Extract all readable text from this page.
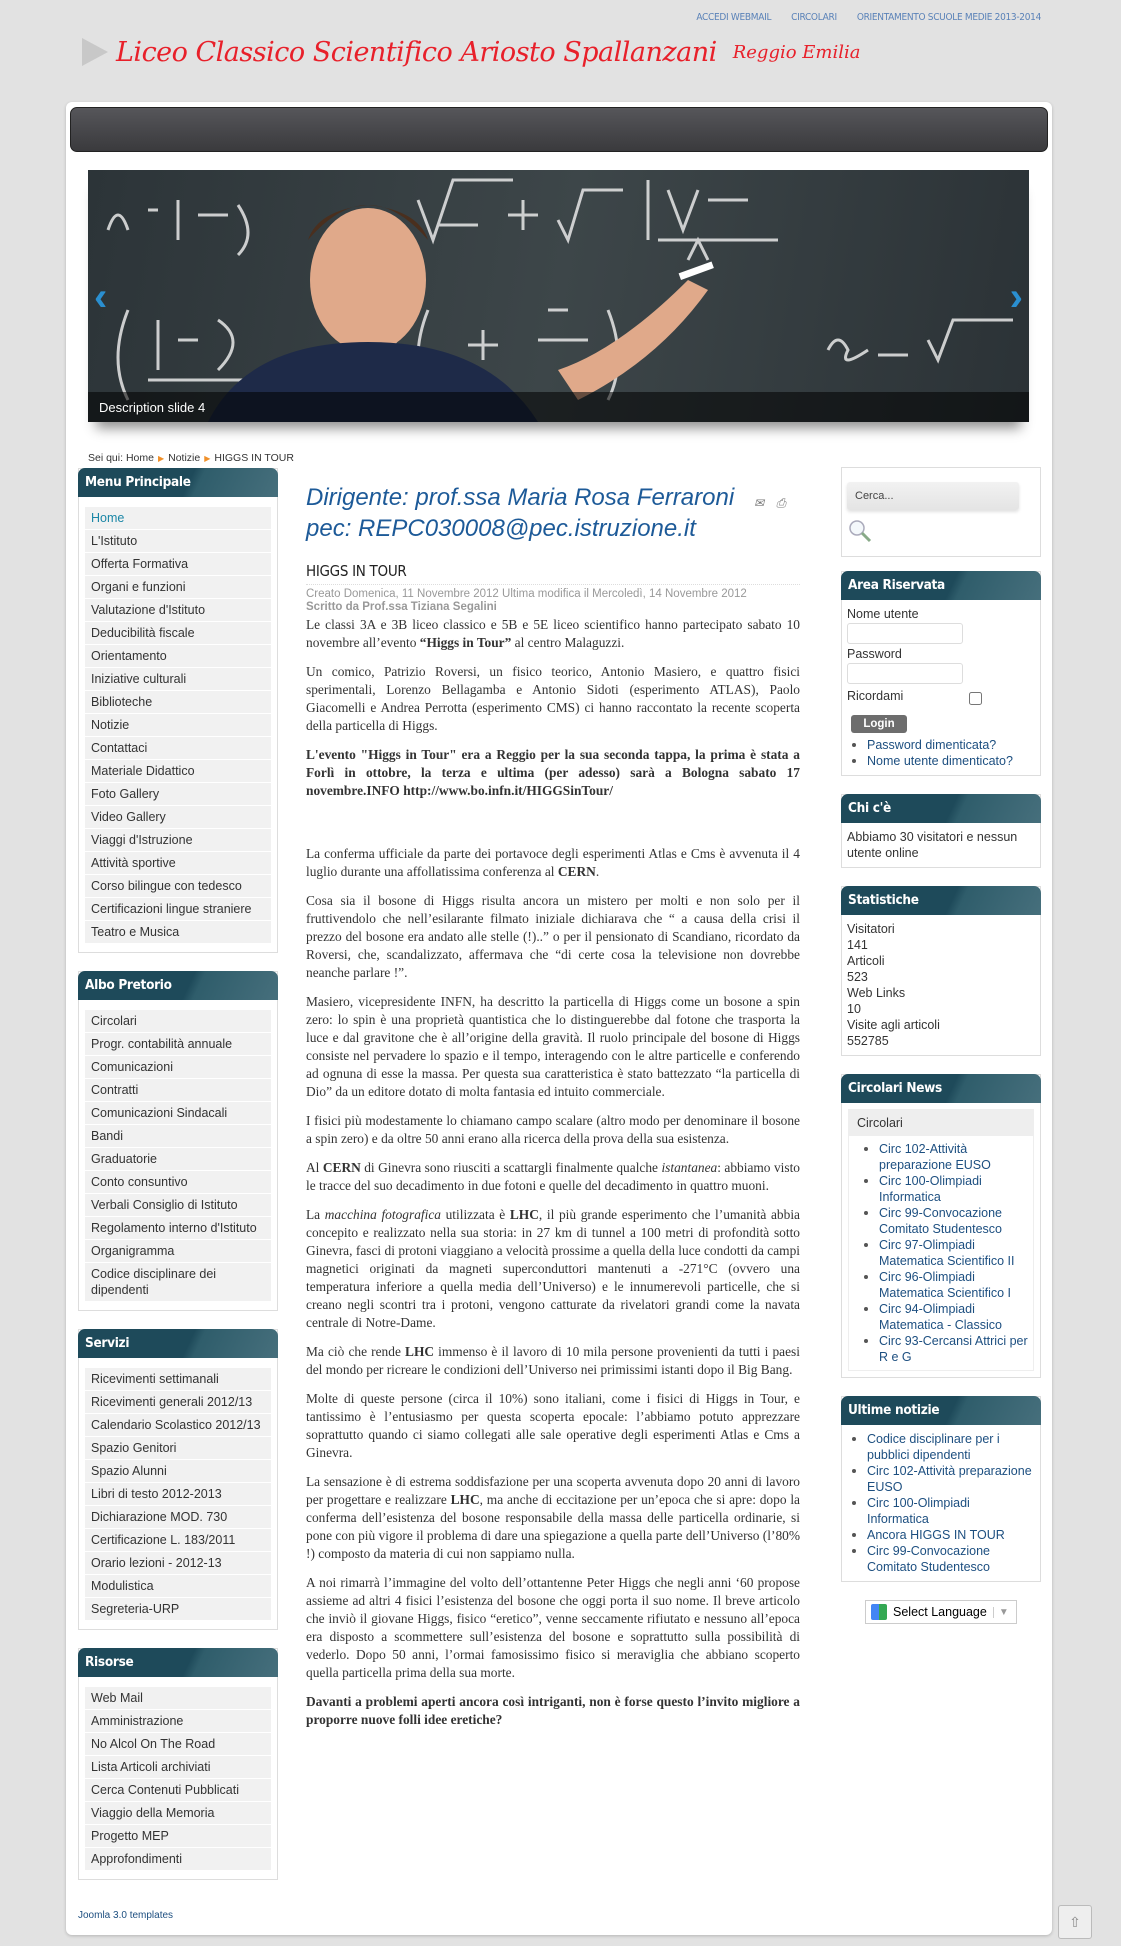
ACCEDI WEBMAIL CIRCOLARI ORIENTAMENTO SCUOLE MEDIE 2013-2014
Liceo Classico Scientifico Ariosto Spallanzani Reggio Emilia
‹	›
Description slide 4
Sei qui: Home ▶ Notizie ▶ HIGGS IN TOUR
Menu Principale
Home
L'Istituto
Offerta Formativa
Organi e funzioni
Valutazione d'Istituto
Deducibilità fiscale
Orientamento
Iniziative culturali
Biblioteche
Notizie
Contattaci
Materiale Didattico
Foto Gallery
Video Gallery
Viaggi d'Istruzione
Attività sportive
Corso bilingue con tedesco
Certificazioni lingue straniere
Teatro e Musica
Albo Pretorio
Circolari
Progr. contabilità annuale
Comunicazioni
Contratti
Comunicazioni Sindacali
Bandi
Graduatorie
Conto consuntivo
Verbali Consiglio di Istituto
Regolamento interno d'Istituto
Organigramma
Codice disciplinare dei dipendenti
Servizi
Ricevimenti settimanali
Ricevimenti generali 2012/13
Calendario Scolastico 2012/13
Spazio Genitori
Spazio Alunni
Libri di testo 2012-2013
Dichiarazione MOD. 730
Certificazione L. 183/2011
Orario lezioni - 2012-13
Modulistica
Segreteria-URP
Risorse
Web Mail
Amministrazione
No Alcol On The Road
Lista Articoli archiviati
Cerca Contenuti Pubblicati
Viaggio della Memoria
Progetto MEP
Approfondimenti
Dirigente: prof.ssa Maria Rosa Ferraroni
pec: REPC030008@pec.istruzione.it
✉ ⎙
HIGGS IN TOUR
Creato Domenica, 11 Novembre 2012 Ultima modifica il Mercoledì, 14 Novembre 2012
Scritto da Prof.ssa Tiziana Segalini

Le classi 3A e 3B liceo classico e 5B e 5E liceo scientifico hanno partecipato sabato 10 novembre all’evento “Higgs in Tour” al centro Malaguzzi.

Un comico, Patrizio Roversi, un fisico teorico, Antonio Masiero, e quattro fisici sperimentali, Lorenzo Bellagamba e Antonio Sidoti (esperimento ATLAS), Paolo Giacomelli e Andrea Perrotta (esperimento CMS) ci hanno raccontato la recente scoperta della particella di Higgs.

L'evento "Higgs in Tour" era a Reggio per la sua seconda tappa, la prima è stata a Forlì in ottobre, la terza e ultima (per adesso) sarà a Bologna sabato 17 novembre.INFO http://www.bo.infn.it/HIGGSinTour/

La conferma ufficiale da parte dei portavoce degli esperimenti Atlas e Cms è avvenuta il 4 luglio durante una affollatissima conferenza al CERN.

Cosa sia il bosone di Higgs risulta ancora un mistero per molti e non solo per il fruttivendolo che nell’esilarante filmato iniziale dichiarava che “ a causa della crisi il prezzo del bosone era andato alle stelle (!)..” o per il pensionato di Scandiano, ricordato da Roversi, che, scandalizzato, affermava che “di certe cosa la televisione non dovrebbe neanche parlare !”.

Masiero, vicepresidente INFN, ha descritto la particella di Higgs come un bosone a spin zero: lo spin è una proprietà quantistica che lo distinguerebbe dal fotone che trasporta la luce e dal gravitone che è all’origine della gravità. Il ruolo principale del bosone di Higgs consiste nel pervadere lo spazio e il tempo, interagendo con le altre particelle e conferendo ad ognuna di esse la massa. Per questa sua caratteristica è stato battezzato “la particella di Dio” da un editore dotato di molta fantasia ed intuito commerciale.

I fisici più modestamente lo chiamano campo scalare (altro modo per denominare il bosone a spin zero) e da oltre 50 anni erano alla ricerca della prova della sua esistenza.

Al CERN di Ginevra sono riusciti a scattargli finalmente qualche istantanea: abbiamo visto le tracce del suo decadimento in due fotoni e quelle del decadimento in quattro muoni.

La macchina fotografica utilizzata è LHC, il più grande esperimento che l’umanità abbia concepito e realizzato nella sua storia: in 27 km di tunnel a 100 metri di profondità sotto Ginevra, fasci di protoni viaggiano a velocità prossime a quella della luce condotti da campi magnetici originati da magneti superconduttori mantenuti a -271°C (ovvero una temperatura inferiore a quella media dell’Universo) e le innumerevoli particelle, che si creano negli scontri tra i protoni, vengono catturate da rivelatori grandi come la navata centrale di Notre-Dame.

Ma ciò che rende LHC immenso è il lavoro di 10 mila persone provenienti da tutti i paesi del mondo per ricreare le condizioni dell’Universo nei primissimi istanti dopo il Big Bang.

Molte di queste persone (circa il 10%) sono italiani, come i fisici di Higgs in Tour, e tantissimo è l’entusiasmo per questa scoperta epocale: l’abbiamo potuto apprezzare soprattutto quando ci siamo collegati alle sale operative degli esperimenti Atlas e Cms a Ginevra.

La sensazione è di estrema soddisfazione per una scoperta avvenuta dopo 20 anni di lavoro per progettare e realizzare LHC, ma anche di eccitazione per un’epoca che si apre: dopo la conferma dell’esistenza del bosone responsabile della massa delle particella ordinarie, si pone con più vigore il problema di dare una spiegazione a quella parte dell’Universo (l’80% !) composto da materia di cui non sappiamo nulla.

A noi rimarrà l’immagine del volto dell’ottantenne Peter Higgs che negli anni ‘60 propose assieme ad altri 4 fisici l’esistenza del bosone che oggi porta il suo nome. Il breve articolo che inviò il giovane Higgs, fisico “eretico”, venne seccamente rifiutato e nessuno all’epoca era disposto a scommettere sull’esistenza del bosone e soprattutto sulla possibilità di vederlo. Dopo 50 anni, l’ormai famosissimo fisico si meraviglia che abbiano scoperto quella particella prima della sua morte.

Davanti a problemi aperti ancora così intriganti, non è forse questo l’invito migliore a proporre nuove folli idee eretiche?

Cerca...
Area Riservata
Nome utente
Password
Ricordami
Login
Password dimenticata?
Nome utente dimenticato?
Chi c'è
Abbiamo 30 visitatori e nessun utente online
Statistiche
Visitatori
141
Articoli
523
Web Links
10
Visite agli articoli
552785
Circolari News
Circolari
Circ 102-Attività preparazione EUSO
Circ 100-Olimpiadi Informatica
Circ 99-Convocazione Comitato Studentesco
Circ 97-Olimpiadi Matematica Scientifico II
Circ 96-Olimpiadi Matematica Scientifico I
Circ 94-Olimpiadi Matematica - Classico
Circ 93-Cercansi Attrici per R e G
Ultime notizie
Codice disciplinare per i pubblici dipendenti
Circ 102-Attività preparazione EUSO
Circ 100-Olimpiadi Informatica
Ancora HIGGS IN TOUR
Circ 99-Convocazione Comitato Studentesco
Select Language	▼
Joomla 3.0 templates	⇧
